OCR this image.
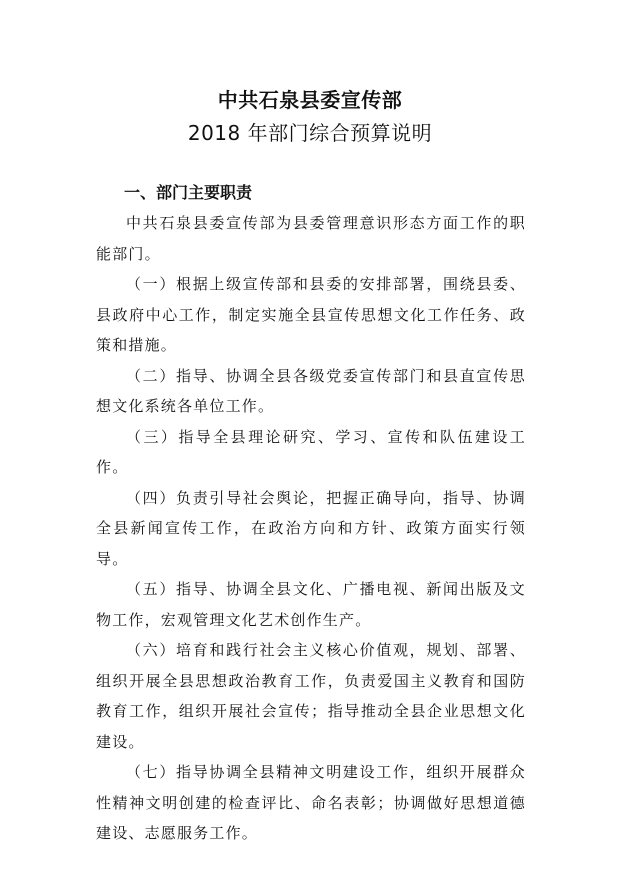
中共石泉县委宣传部
2018 年部门综合预算说明
一、部门主要职责

中共石泉县委宣传部为县委管理意识形态方面工作的职能部门。

（一）根据上级宣传部和县委的安排部署，围绕县委、县政府中心工作，制定实施全县宣传思想文化工作任务、政策和措施。

（二）指导、协调全县各级党委宣传部门和县直宣传思想文化系统各单位工作。

（三）指导全县理论研究、学习、宣传和队伍建设工作。

（四）负责引导社会舆论，把握正确导向，指导、协调全县新闻宣传工作，在政治方向和方针、政策方面实行领导。

（五）指导、协调全县文化、广播电视、新闻出版及文物工作，宏观管理文化艺术创作生产。

（六）培育和践行社会主义核心价值观，规划、部署、组织开展全县思想政治教育工作，负责爱国主义教育和国防教育工作，组织开展社会宣传；指导推动全县企业思想文化建设。

（七）指导协调全县精神文明建设工作，组织开展群众性精神文明创建的检查评比、命名表彰；协调做好思想道德建设、志愿服务工作。
